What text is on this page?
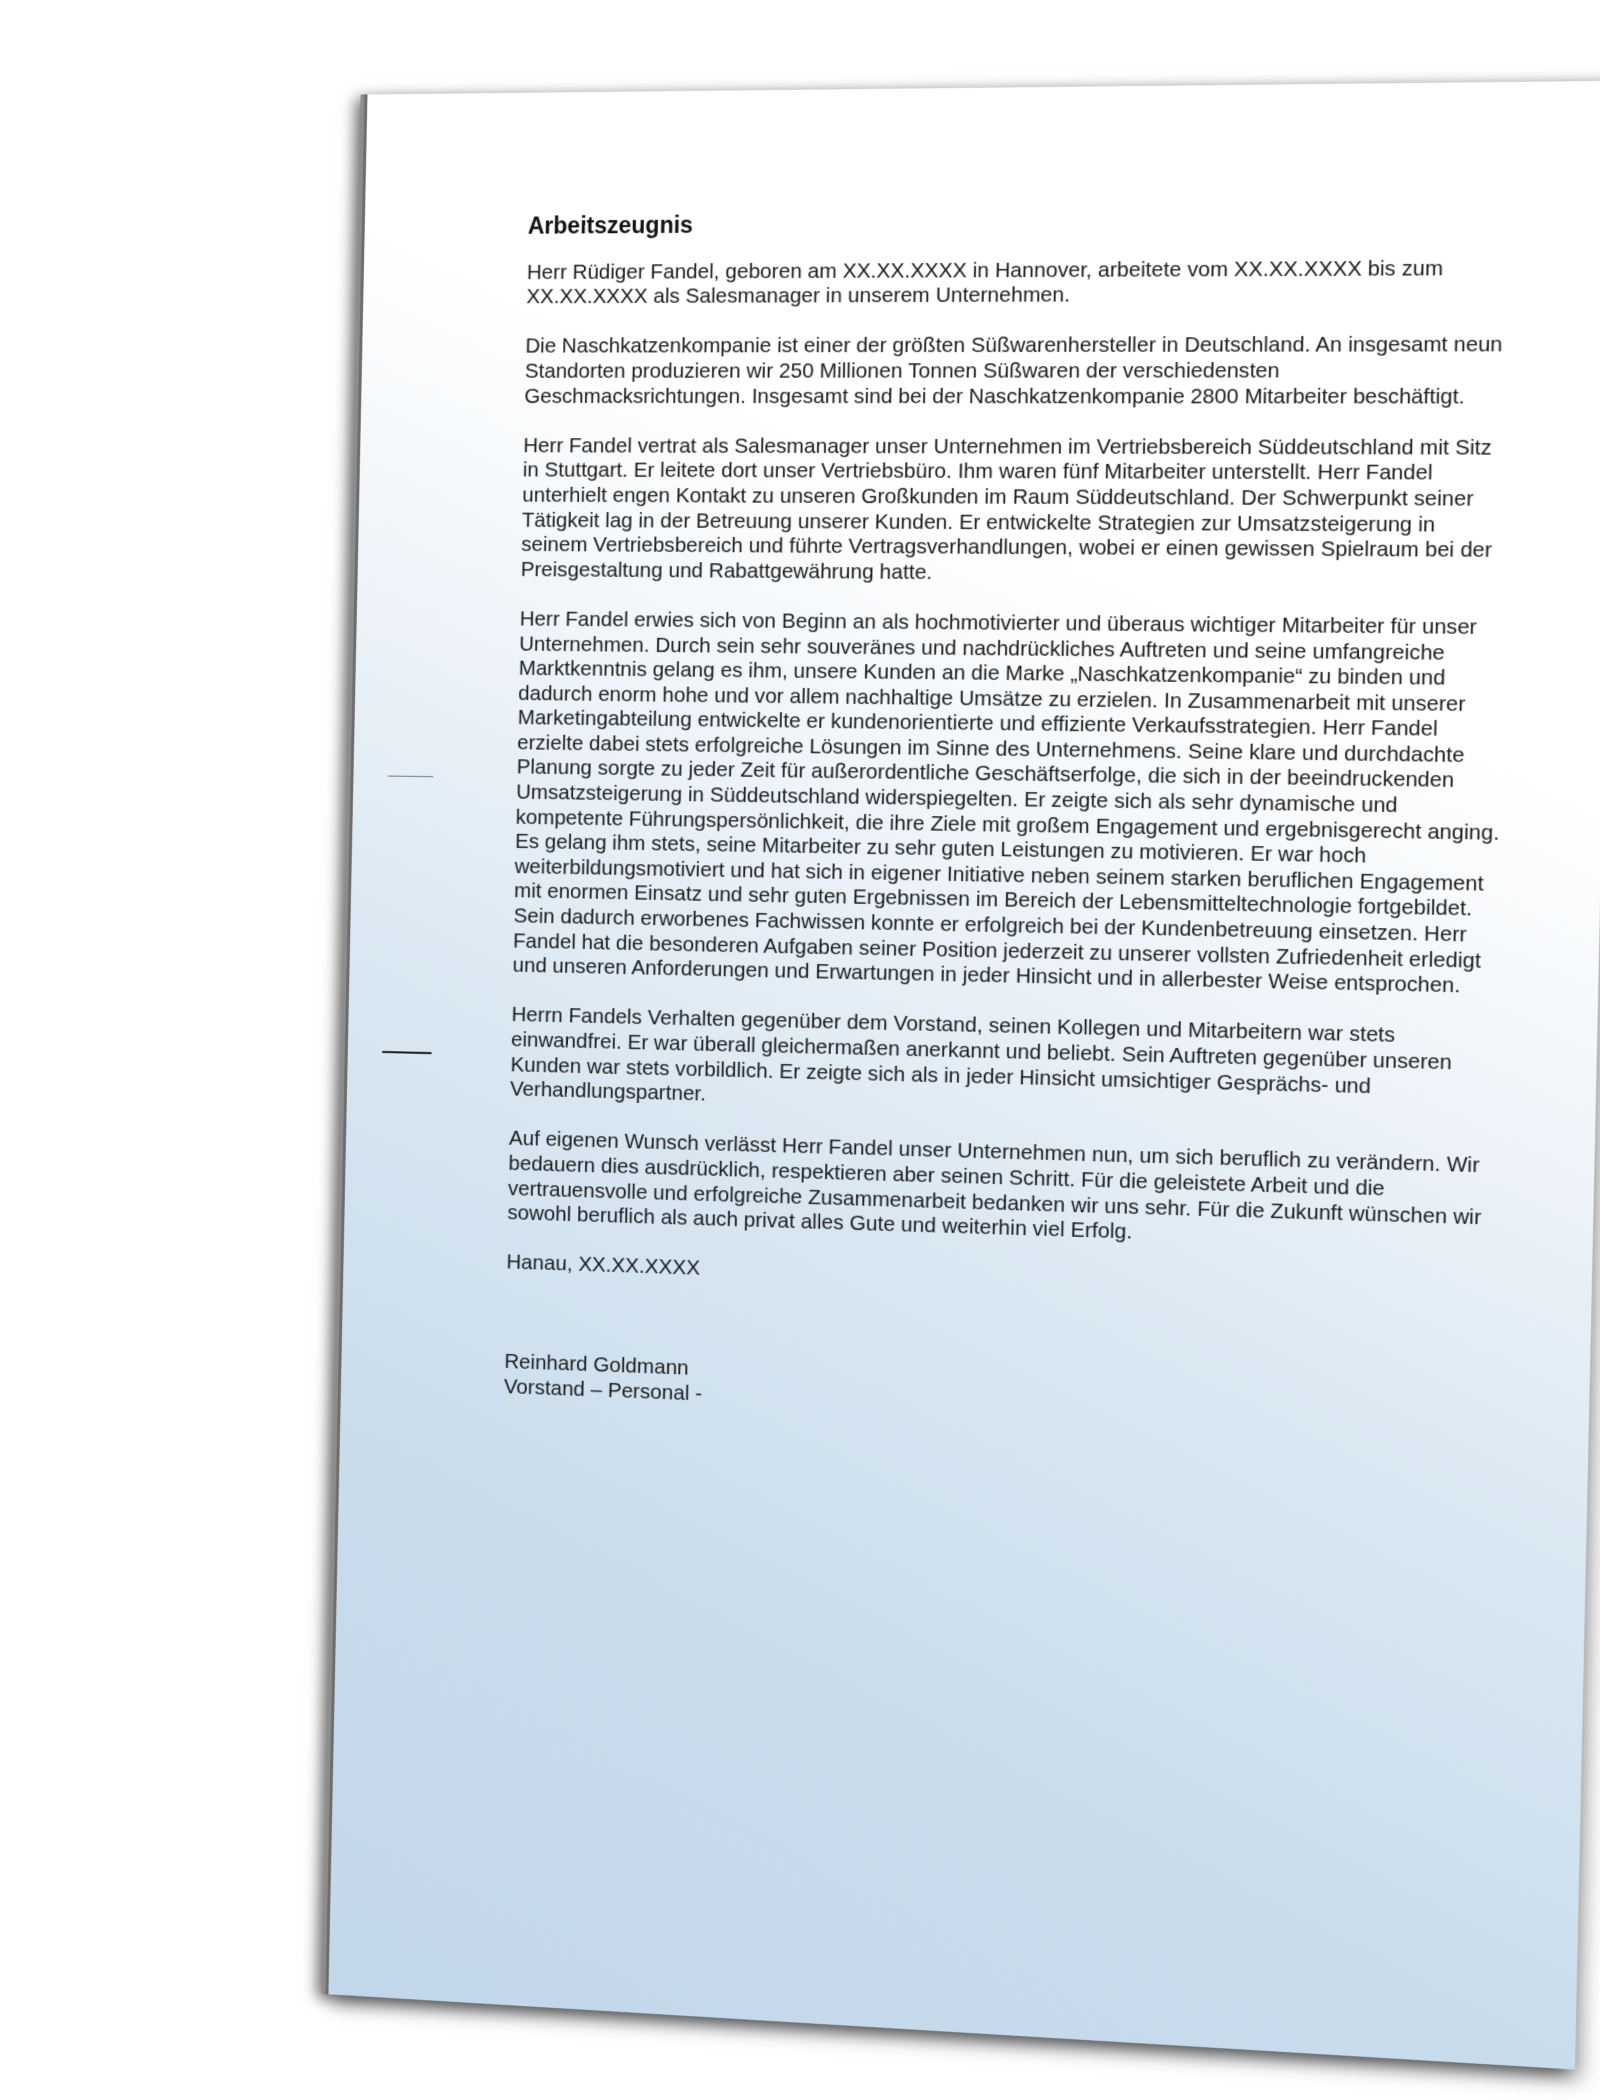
Arbeitszeugnis

Herr Rüdiger Fandel, geboren am XX.XX.XXXX in Hannover, arbeitete vom XX.XX.XXXX bis zum XX.XX.XXXX als Salesmanager in unserem Unternehmen.

Die Naschkatzenkompanie ist einer der größten Süßwarenhersteller in Deutschland. An insgesamt neun Standorten produzieren wir 250 Millionen Tonnen Süßwaren der verschiedensten Geschmacksrichtungen. Insgesamt sind bei der Naschkatzenkompanie 2800 Mitarbeiter beschäftigt.

Herr Fandel vertrat als Salesmanager unser Unternehmen im Vertriebsbereich Süddeutschland mit Sitz in Stuttgart. Er leitete dort unser Vertriebsbüro. Ihm waren fünf Mitarbeiter unterstellt. Herr Fandel unterhielt engen Kontakt zu unseren Großkunden im Raum Süddeutschland. Der Schwerpunkt seiner Tätigkeit lag in der Betreuung unserer Kunden. Er entwickelte Strategien zur Umsatzsteigerung in seinem Vertriebsbereich und führte Vertragsverhandlungen, wobei er einen gewissen Spielraum bei der Preisgestaltung und Rabattgewährung hatte.

Herr Fandel erwies sich von Beginn an als hochmotivierter und überaus wichtiger Mitarbeiter für unser Unternehmen. Durch sein sehr souveränes und nachdrückliches Auftreten und seine umfangreiche Marktkenntnis gelang es ihm, unsere Kunden an die Marke „Naschkatzenkompanie“ zu binden und dadurch enorm hohe und vor allem nachhaltige Umsätze zu erzielen. In Zusammenarbeit mit unserer Marketingabteilung entwickelte er kundenorientierte und effiziente Verkaufsstrategien. Herr Fandel erzielte dabei stets erfolgreiche Lösungen im Sinne des Unternehmens. Seine klare und durchdachte Planung sorgte zu jeder Zeit für außerordentliche Geschäftserfolge, die sich in der beeindruckenden Umsatzsteigerung in Süddeutschland widerspiegelten. Er zeigte sich als sehr dynamische und kompetente Führungspersönlichkeit, die ihre Ziele mit großem Engagement und ergebnisgerecht anging. Es gelang ihm stets, seine Mitarbeiter zu sehr guten Leistungen zu motivieren. Er war hoch weiterbildungsmotiviert und hat sich in eigener Initiative neben seinem starken beruflichen Engagement mit enormen Einsatz und sehr guten Ergebnissen im Bereich der Lebensmitteltechnologie fortgebildet. Sein dadurch erworbenes Fachwissen konnte er erfolgreich bei der Kundenbetreuung einsetzen. Herr Fandel hat die besonderen Aufgaben seiner Position jederzeit zu unserer vollsten Zufriedenheit erledigt und unseren Anforderungen und Erwartungen in jeder Hinsicht und in allerbester Weise entsprochen.

Herrn Fandels Verhalten gegenüber dem Vorstand, seinen Kollegen und Mitarbeitern war stets einwandfrei. Er war überall gleichermaßen anerkannt und beliebt. Sein Auftreten gegenüber unseren Kunden war stets vorbildlich. Er zeigte sich als in jeder Hinsicht umsichtiger Gesprächs- und Verhandlungspartner.

Auf eigenen Wunsch verlässt Herr Fandel unser Unternehmen nun, um sich beruflich zu verändern. Wir bedauern dies ausdrücklich, respektieren aber seinen Schritt. Für die geleistete Arbeit und die vertrauensvolle und erfolgreiche Zusammenarbeit bedanken wir uns sehr. Für die Zukunft wünschen wir sowohl beruflich als auch privat alles Gute und weiterhin viel Erfolg.

Hanau, XX.XX.XXXX

Reinhard Goldmann
Vorstand – Personal -
